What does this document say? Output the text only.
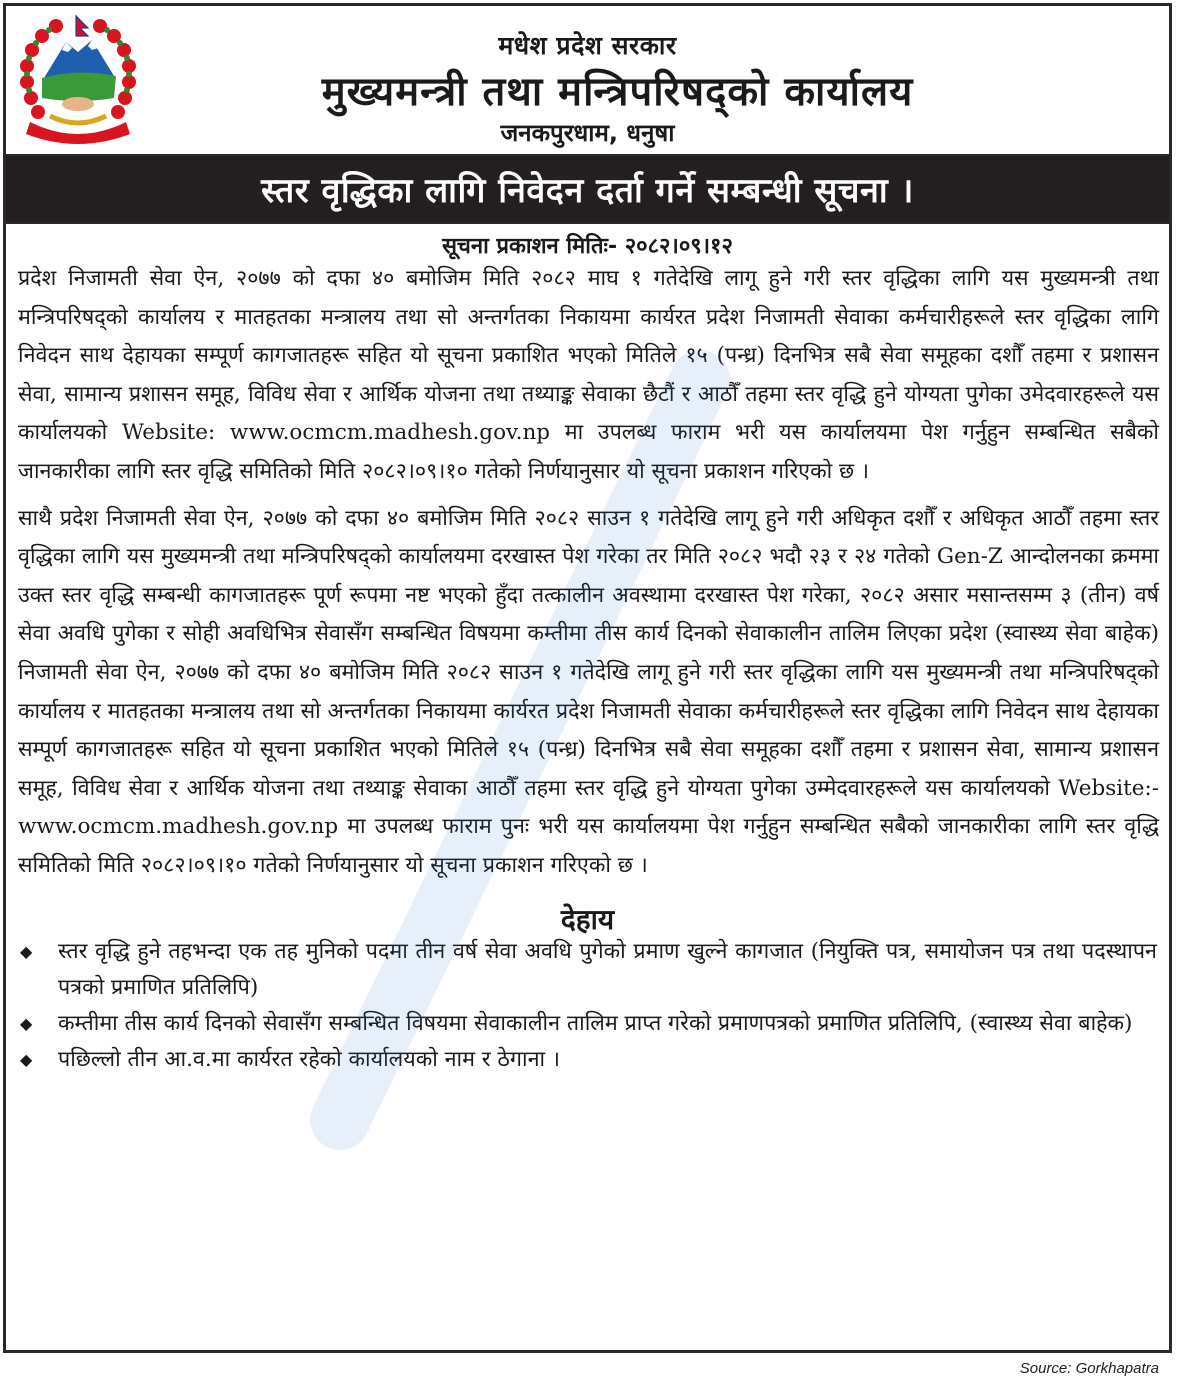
मधेश प्रदेश सरकार
मुख्यमन्त्री तथा मन्त्रिपरिषद्‌को कार्यालय
जनकपुरधाम, धनुषा
स्तर वृद्धिका लागि निवेदन दर्ता गर्ने सम्बन्धी सूचना ।
सूचना प्रकाशन मितिः- २०८२।०९।१२

प्रदेश निजामती सेवा ऐन, २०७७ को दफा ४० बमोजिम मिति २०८२ माघ १ गतेदेखि लागू हुने गरी स्तर वृद्धिका लागि यस मुख्यमन्त्री तथा मन्त्रिपरिषद्‌को कार्यालय र मातहतका मन्त्रालय तथा सो अन्तर्गतका निकायमा कार्यरत प्रदेश निजामती सेवाका कर्मचारीहरूले स्तर वृद्धिका लागि निवेदन साथ देहायका सम्पूर्ण कागजातहरू सहित यो सूचना प्रकाशित भएको मितिले १५ (पन्ध्र) दिनभित्र सबै सेवा समूहका दशौँ तहमा र प्रशासन सेवा, सामान्य प्रशासन समूह, विविध सेवा र आर्थिक योजना तथा तथ्याङ्क सेवाका छैटौं र आठौँ तहमा स्तर वृद्धि हुने योग्यता पुगेका उमेदवारहरूले यस कार्यालयको Website: www.ocmcm.madhesh.gov.np मा उपलब्ध फाराम भरी यस कार्यालयमा पेश गर्नुहुन सम्बन्धित सबैको जानकारीका लागि स्तर वृद्धि समितिको मिति २०८२।०९।१० गतेको निर्णयानुसार यो सूचना प्रकाशन गरिएको छ ।

साथै प्रदेश निजामती सेवा ऐन, २०७७ को दफा ४० बमोजिम मिति २०८२ साउन १ गतेदेखि लागू हुने गरी अधिकृत दशौँ र अधिकृत आठौँ तहमा स्तर वृद्धिका लागि यस मुख्यमन्त्री तथा मन्त्रिपरिषद्‌को कार्यालयमा दरखास्त पेश गरेका तर मिति २०८२ भदौ २३ र २४ गतेको Gen-Z आन्दोलनका क्रममा उक्त स्तर वृद्धि सम्बन्धी कागजातहरू पूर्ण रूपमा नष्ट भएको हुँदा तत्कालीन अवस्थामा दरखास्त पेश गरेका, २०८२ असार मसान्तसम्म ३ (तीन) वर्ष सेवा अवधि पुगेका र सोही अवधिभित्र सेवासँग सम्बन्धित विषयमा कम्तीमा तीस कार्य दिनको सेवाकालीन तालिम लिएका प्रदेश (स्वास्थ्य सेवा बाहेक) निजामती सेवा ऐन, २०७७ को दफा ४० बमोजिम मिति २०८२ साउन १ गतेदेखि लागू हुने गरी स्तर वृद्धिका लागि यस मुख्यमन्त्री तथा मन्त्रिपरिषद्‌को कार्यालय र मातहतका मन्त्रालय तथा सो अन्तर्गतका निकायमा कार्यरत प्रदेश निजामती सेवाका कर्मचारीहरूले स्तर वृद्धिका लागि निवेदन साथ देहायका सम्पूर्ण कागजातहरू सहित यो सूचना प्रकाशित भएको मितिले १५ (पन्ध्र) दिनभित्र सबै सेवा समूहका दशौँ तहमा र प्रशासन सेवा, सामान्य प्रशासन समूह, विविध सेवा र आर्थिक योजना तथा तथ्याङ्क सेवाका आठौँ तहमा स्तर वृद्धि हुने योग्यता पुगेका उम्मेदवारहरूले यस कार्यालयको Website:- www.ocmcm.madhesh.gov.np मा उपलब्ध फाराम पुनः भरी यस कार्यालयमा पेश गर्नुहुन सम्बन्धित सबैको जानकारीका लागि स्तर वृद्धि समितिको मिति २०८२।०९।१० गतेको निर्णयानुसार यो सूचना प्रकाशन गरिएको छ ।

देहाय
◆ स्तर वृद्धि हुने तहभन्दा एक तह मुनिको पदमा तीन वर्ष सेवा अवधि पुगेको प्रमाण खुल्ने कागजात (नियुक्ति पत्र, समायोजन पत्र तथा पदस्थापन पत्रको प्रमाणित प्रतिलिपि)
◆ कम्तीमा तीस कार्य दिनको सेवासँग सम्बन्धित विषयमा सेवाकालीन तालिम प्राप्त गरेको प्रमाणपत्रको प्रमाणित प्रतिलिपि, (स्वास्थ्य सेवा बाहेक)
◆ पछिल्लो तीन आ.व.मा कार्यरत रहेको कार्यालयको नाम र ठेगाना ।
Source: Gorkhapatra
